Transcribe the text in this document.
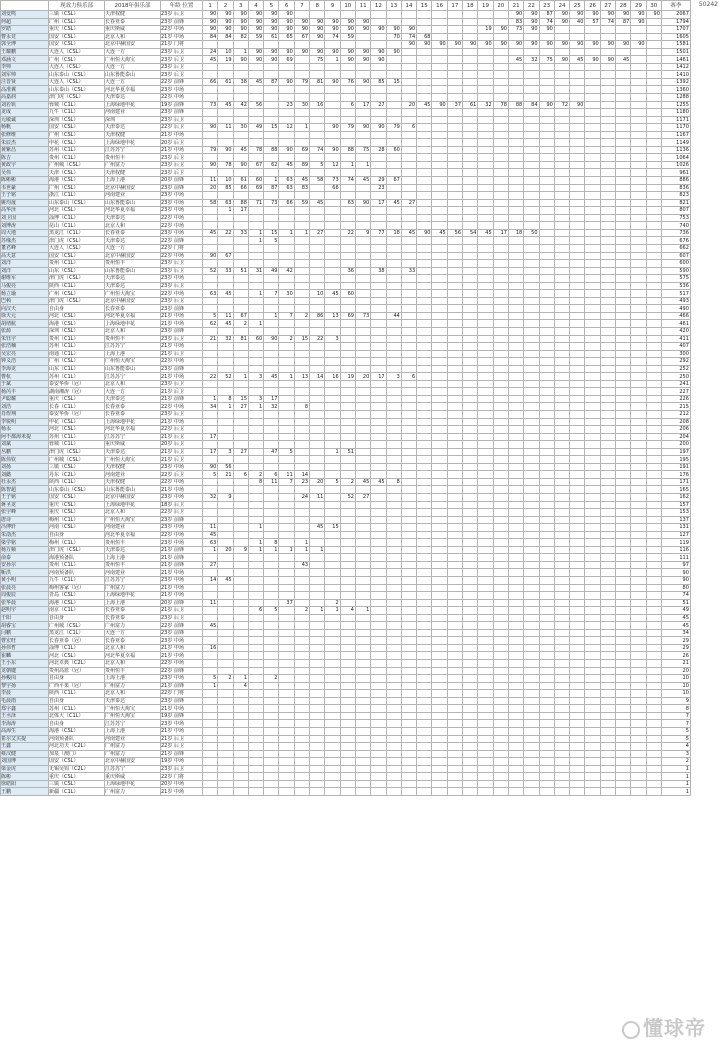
	现效力俱乐部	2018年俱乐部	年龄 位置	1	2	3	4	5	6	7	8	9	10	11	12	13	14	15	16	17	18	19	20	21	22	23	24	25	26	27	28	29	30	赛季
刘变鸣	三镇（CSL）	天津权健	23岁 后卫	90	90	90	90	90	90															90	90	87	90	90	90	90	90	90	90	2067
何超	广州（CSL）	长春亚泰	23岁 前锋	90	90	90	90	90	90	90	90	90	90	90										83	90	74	90	40	57	74	87	90		1794
罗皓	重庆（CSL）	重庆斯威	22岁 中场	90	90	90	90	90	90	90	90	90	90	90	90	90	90					19	90	73	90	90								1707
曹永竞	国安（CSL）	北京人和	21岁 中场	84	84	82	59	61	65	67	90	74	59			70	74	68																1605
郭全博	国安（CSL）	北京中赫国安	21岁 门将														90	90	90	90	90	90	90	90	90	90	90	90	90	90	90	90		1581
王耀鹏	大连人（CSL）	大连一方	23岁 后卫	24	10	1	90	90	90	90	90	90	90	90	90	90																		1501
邓涵文	广州（CSL）	广州恒大淘宝	23岁 后卫	45	19	90	90	90	69		75	1	90	90	90									45	32	75	90	45	90	90	45			1461
李帅	大连人（CSL）	大连一方	23岁 后卫																															1412
刘军帅	山东泰山（CSL）	山东鲁能泰山	23岁 后卫																															1410
汪晋贤	大连人（CSL）	大连一方	22岁 前锋	66	61	38	45	87	90	79	81	90	76	90	85	15																		1392
高准翼	山东泰山（CSL）	河北华夏幸福	23岁 中场																															1360
高嘉润	津门虎（CSL）	天津泰达	22岁 中场																															1288
刘若钒	蓉城（C1L）	上海绿地申花	19岁 前锋	73	45	42	56		23	30	16		6	17	27		20	45	90	37	61	32	78	88	84	90	72	90						1255
龙成	九牛（C1L）	河南建业	23岁 前锋																															1180
元敏诚	深圳（CSL）	深圳	23岁 后卫																															1171
杨帆	国安（CSL）	天津泰达	22岁 后卫	90	11	30	49	15	12	1		90	79	90	90	79	6																	1170
张修维	广州（CSL）	天津权健	21岁 中场																															1167
朱辰杰	申花（CSL）	上海绿地申花	20岁 后卫																															1149
黄紫昌	苏州（C1L）	江苏苏宁	21岁 中场	79	90	45	78	88	90	69	74	90	88	75	28	60																		1136
陈吉	贵州（C1L）	贵州恒丰	23岁 后卫																															1064
黄政宇	广州城（CSL）	广州富力	23岁 后卫	90	78	90	67	62	45	89	5	12	1	1																				1026
吴伟	天津（CSL）	天津权健	23岁 后卫																															961
陈彬彬	海港（CSL）	上海上港	20岁 前锋	11	10	61	60	1	63	45	58	73	74	45	29	67																		886
韦世豪	广州（CSL）	北京中赫国安	23岁 前锋	20	85	66	69	87	63	83		66			23																			836
王子铭	浙江（C1L）	河南建业	23岁 中场																															823
姚均晟	山东泰山（CSL）	山东鲁能泰山	23岁 中场	58	63	88	71	73	66	59	45		63	90	17	45	27																	821
高华泽	河北（CSL）	河北华夏幸福	23岁 中场		1	17																												807
刘卫国	淄博（C1L）	天津泰达	22岁 中场																															753
刘博涛	昆山（C1L）	北京人和	22岁 中场																															740
周大地	黑龙江（C1L）	长春亚泰	23岁 中场	45	22	33	1	15	1	1	27		22	9	77	18	45	90	45	56	54	45	17	18	50									736
苏缘杰	津门虎（CSL）	天津泰达	22岁 前锋				1	5																										676
董君峰	大连人（CSL）	大连一方	22岁 门将																															662
高天意	国安（CSL）	北京中赫国安	22岁 中场	90	67																													607
刘洋	贵州（C1L）	贵州恒丰	23岁 后卫																															600
刘洋	山东（CSL）	山东鲁能泰山	23岁 后卫	52	33	51	31	49	42				36		38		33																	590
谢维军	津门虎（CSL）	天津泰达	23岁 中场																															575
马俊亮	陕西（C1L）	天津泰达	23岁 后卫																															536
杨立瑜	广州（CSL）	广州恒大淘宝	22岁 中场	63	45		1	7	30		10	45	60																					517
巴顿	津门虎（CSL）	北京中赫国安	23岁 后卫																															493
向汉天	自由身	长春亚泰	23岁 前锋																															490
徐天元	河北（CSL）	河北华夏幸福	21岁 中场	5	11	67		1	7	2	86	13	69	73		44																		466
胡靖航	海港（CSL）	上海绿地申花	21岁 中场	62	45	2	1																											461
张源	深圳（CSL）	北京人和	23岁 前锋																															420
朱钰宇	贵州（C1L）	贵州恒丰	23岁 后卫	21	32	81	60	90	2	15	22	3																						411
张浩楠	苏州（C1L）	江苏苏宁	21岁 中场																															407
吴宏亮	南通（C1L）	上海上港	21岁 后卫																															300
钟义浩	广州（CSL）	广州恒大淘宝	22岁 中场																															292
李海龙	山东（C1L）	山东鲁能泰山	23岁 前锋																															252
曹杭	苏州（C1L）	江苏苏宁	21岁 中场	22	52	1	3	45	1	13	14	16	19	20	17	3	6																	250
于斌	泰安华侨（冠）	北京人和	23岁 后卫																															241
杨芮丰	湖南湘涛（冠）	大连一方	21岁 后卫																															227
尹聪耀	重庆（CSL）	天津泰达	21岁 前锋	1	8	15	3	17																										226
刘浩	长春（C1L）	长春亚泰	22岁 中场	34	1	27	1	32		8																								215
肖煜翔	泰安华侨（冠）	长春亚泰	23岁 后卫																															212
李锐明	申花（CSL）	上海绿地申花	21岁 中场																															208
杨永	河北（CSL）	河北华夏幸福	22岁 后卫																															206
阿不都海米提	苏州（C1L）	江苏苏宁	21岁 后卫	17																														204
刘斌	蓉城（C1L）	重庆斯威	20岁 后卫																															200
丛鹏	津门虎（CSL）	天津泰达	21岁 后卫	17	3	27		47	5			1	51																					197
陈伟钦	广州城（CSL）	广州恒大淘宝	21岁 后卫																															195
刘扬	三镇（CSL）	天津权健	23岁 中场	90	56																													191
刘懿	丹东（C2L）	河南建业	22岁 后卫	5	21	6	2	6	11	14																								176
杜永杰	陕西（C1L）	天津权健	22岁 中场				8	11	7	23	20	5	2	45	45	8																		171
陈智超	山东泰山（CSL）	山东鲁能泰山	21岁 中场																															165
王子铭	国安（CSL）	北京中赫国安	23岁 中场	32	9					24	11		52	27																				162
蒋圣龙	重庆（CSL）	上海绿地申花	18岁 后卫																															157
张宇峰	重庆（CSL）	北京人和	22岁 后卫																															153
唐诗	梅州（C1L）	广州恒大淘宝	23岁 前锋																															137
冯博轩	河南（CSL）	河南建业	23岁 中场	11			1				45	15																						131
朱劭杰	自由身	河北华夏幸福	22岁 中场	45																														127
梁学铭	梅州（C1L）	贵州恒丰	23岁 中场	63			1	8		1																								119
杨万顺	津门虎（CSL）	天津泰达	21岁 前锋	1	20	9	1	1	1	1	1																							116
俞泰	海港预备队	上海上港	21岁 前锋																															111
安孙尔	贵州（C1L）	贵州恒丰	21岁 前锋	27						43																								97
靳洪	河南预备队	河南建业	21岁 中场																															90
黄小明	九牛（C1L）	江苏苏宁	23岁 中场	14	45																													90
张晨亮	梅州客家（冠）	广州富力	21岁 中场																															80
周俊辰	青岛（CSL）	上海绿地申花	21岁 中场																															74
张华晨	海港（CSL）	上海上港	20岁 前锋	11					37			2																						51
赵明宇	南京（C1L）	长春亚泰	21岁 后卫				6	5		2	1	1	4	1																				49
于阳	自由身	长春亚泰	23岁 后卫																															45
胡睿宝	广州城（CSL）	广州富力	22岁 前锋	45																														45
闫鹏	黑龙江（C1L）	大连一方	23岁 前锋																															34
曹宏旺	长春亚泰（冠）	长春亚泰	23岁 中场																															29
孙伟哲	淄博（C1L）	北京人和	21岁 中场	16																														29
崔麟	河北（CSL）	河北华夏幸福	21岁 中场																															26
王小东	河北卓典（C2L）	北京人和	22岁 中场																															21
龙朝键	贵州高蓝（冠）	贵州恒丰	22岁 前锋																															20
孙峻岗	自由身	上海上港	23岁 中场	5	2	1		2																										10
黎宇扬	广西平果（冠）	广州富力	21岁 前锋	1		4																												10
李晨	陕西（C1L）	北京人和	22岁 门将																															10
毛晨雨	自由身	天津泰达	23岁 前锋																															9
郑宇鑫	苏州（C1L）	广州恒大淘宝	21岁 中场																															8
王丞泽	北体大（C1L）	广州恒大淘宝	19岁 前锋																															7
李海涛	自由身	江苏苏宁	23岁 中场																															7
高海生	海港（CSL）	上海上港	21岁 中场																															5
希尔艾买提	河南预备队	河南建业	21岁 后卫																															5
王鑫	河北功夫（C2L）	广州富力	22岁 后卫																															4
蔡汉健	加泉（澳门）	广州富力	21岁 前锋																															3
刘国博	国安（CSL）	北京中赫国安	19岁 中场																															2
梁金虎	无锡吴钩（C2L）	江苏苏宁	23岁 后卫																															1
陈彬	重庆（CSL）	重庆斯威	22岁 门将																															1
徐皓阳	三镇（CSL）	上海绿地申花	20岁 中场																															1
王鹏	新疆（C1L）	广州富力	21岁 中场																															1
50242
懂球帝
